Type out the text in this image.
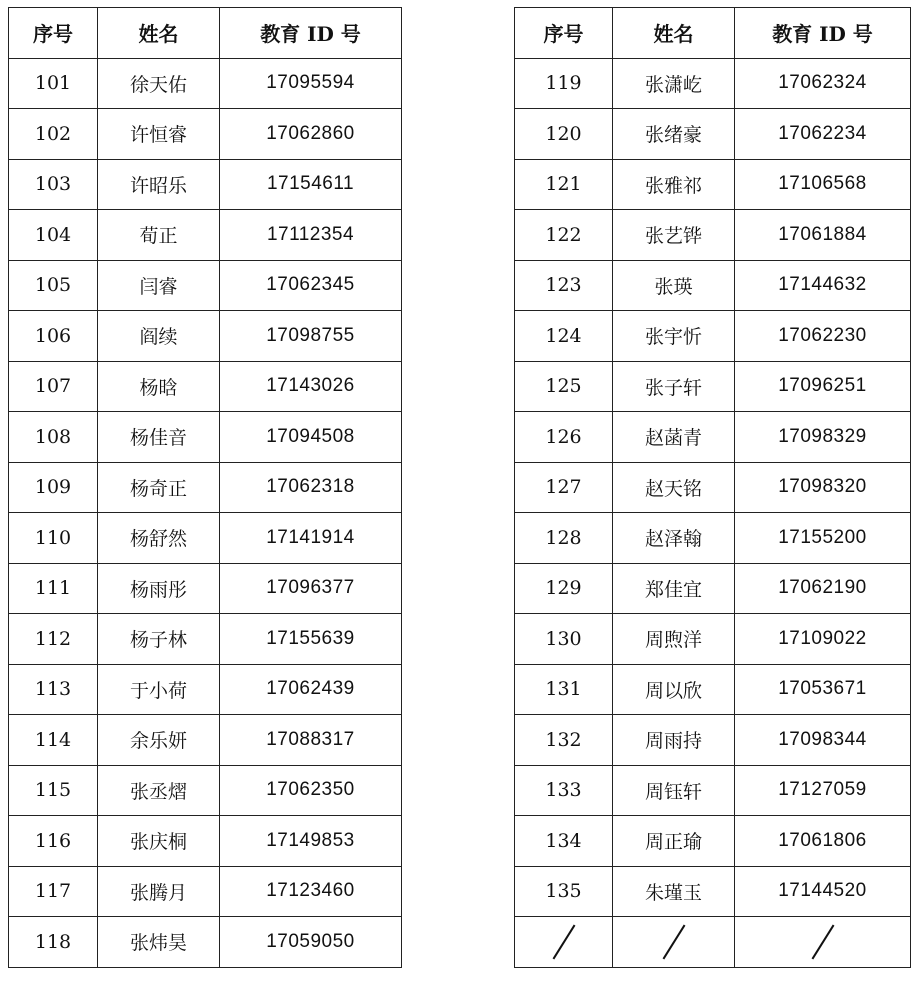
序号	姓名	教育 ID 号
101	徐天佑	17095594
102	许恒睿	17062860
103	许昭乐	17154611
104	荀正	17112354
105	闫睿	17062345
106	阎续	17098755
107	杨晗	17143026
108	杨佳音	17094508
109	杨奇正	17062318
110	杨舒然	17141914
111	杨雨彤	17096377
112	杨子林	17155639
113	于小荷	17062439
114	余乐妍	17088317
115	张丞熠	17062350
116	张庆桐	17149853
117	张腾月	17123460
118	张炜昊	17059050
序号	姓名	教育 ID 号
119	张潇屹	17062324
120	张绪豪	17062234
121	张雅祁	17106568
122	张艺铧	17061884
123	张瑛	17144632
124	张宇忻	17062230
125	张子轩	17096251
126	赵菡青	17098329
127	赵天铭	17098320
128	赵泽翰	17155200
129	郑佳宜	17062190
130	周煦洋	17109022
131	周以欣	17053671
132	周雨持	17098344
133	周钰轩	17127059
134	周正瑜	17061806
135	朱瑾玉	17144520
